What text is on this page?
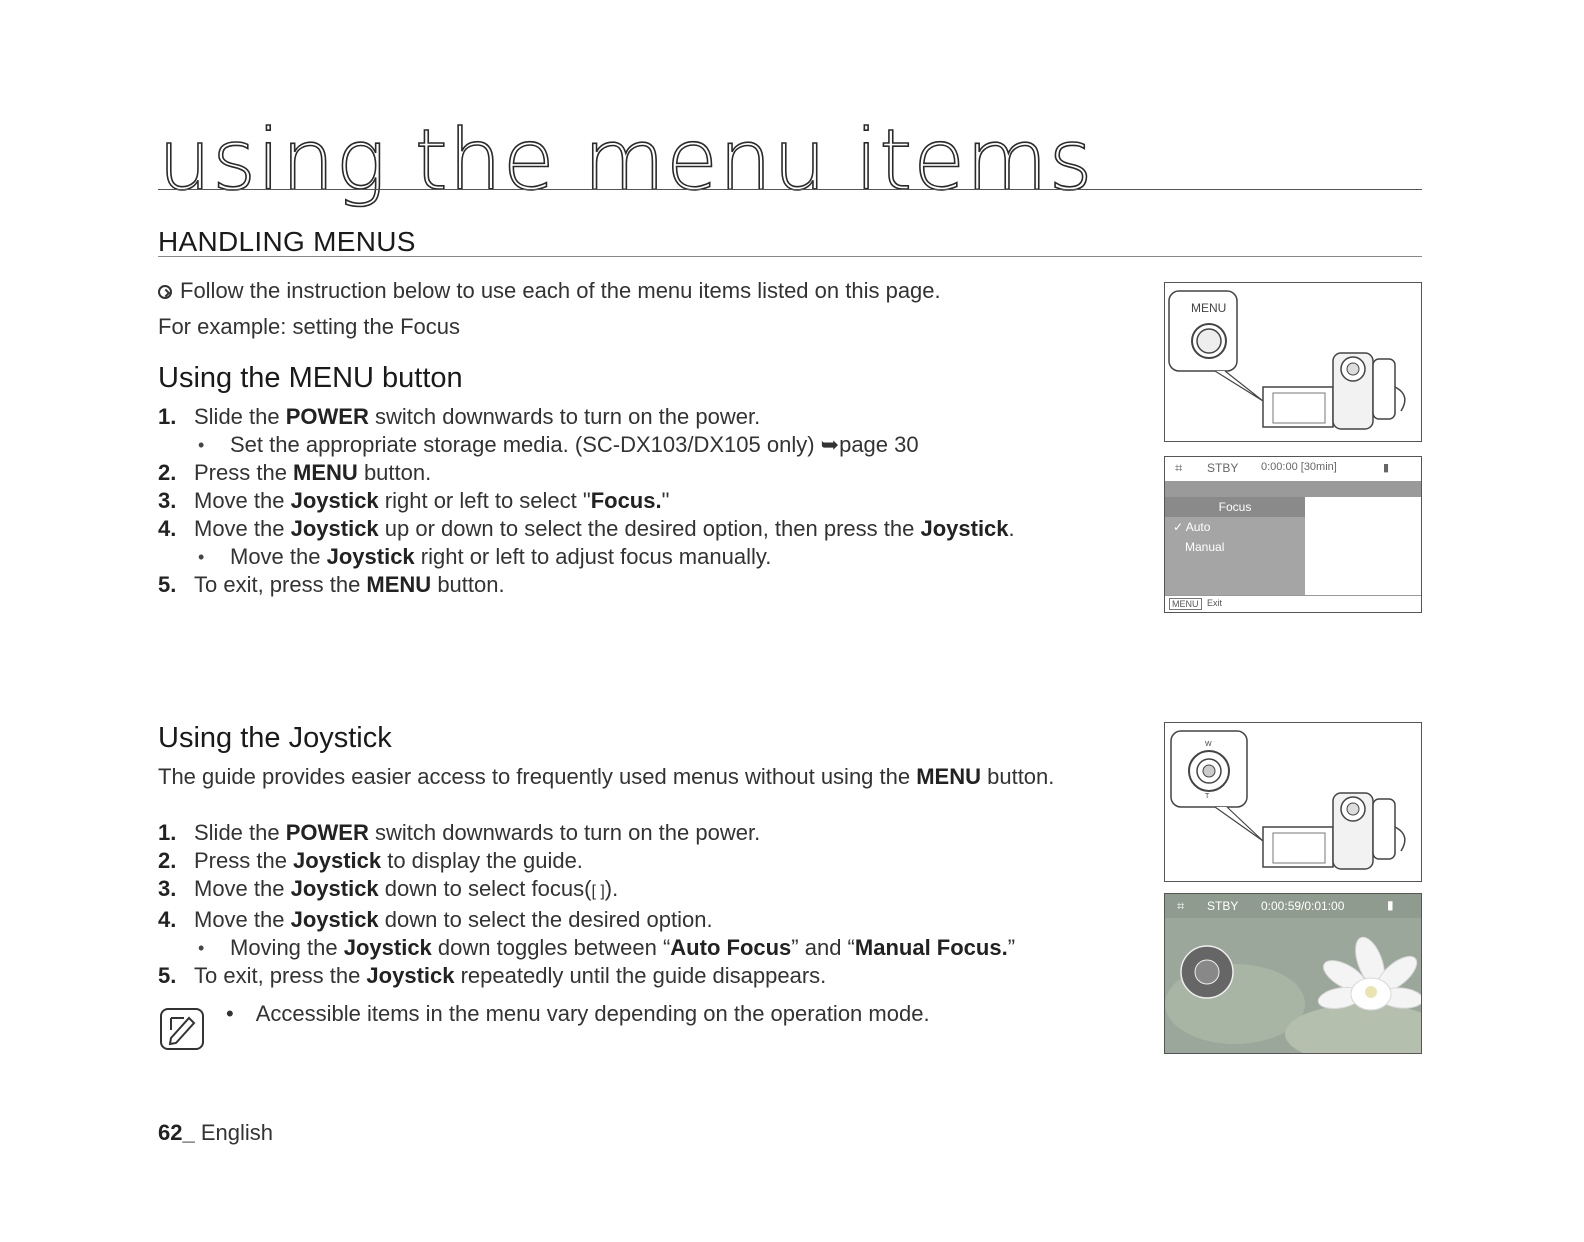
using the menu items
HANDLING MENUS
Follow the instruction below to use each of the menu items listed on this page.
For example: setting the Focus
Using the MENU button
1. Slide the POWER switch downwards to turn on the power.
• Set the appropriate storage media. (SC-DX103/DX105 only) ➥page 30
2. Press the MENU button.
3. Move the Joystick right or left to select "Focus."
4. Move the Joystick up or down to select the desired option, then press the Joystick.
• Move the Joystick right or left to adjust focus manually.
5. To exit, press the MENU button.
Using the Joystick
The guide provides easier access to frequently used menus without using the MENU button.
1. Slide the POWER switch downwards to turn on the power.
2. Press the Joystick to display the guide.
3. Move the Joystick down to select focus([ ]).
4. Move the Joystick down to select the desired option.
• Moving the Joystick down toggles between “Auto Focus” and “Manual Focus.”
5. To exit, press the Joystick repeatedly until the guide disappears.
• Accessible items in the menu vary depending on the operation mode.
62_ English
MENU
⌗ STBY 0:00:00 [30min]	▮
Focus
✓ Auto
Manual
MENU Exit
W
T
⌗ STBY 0:00:59/0:01:00	▮
